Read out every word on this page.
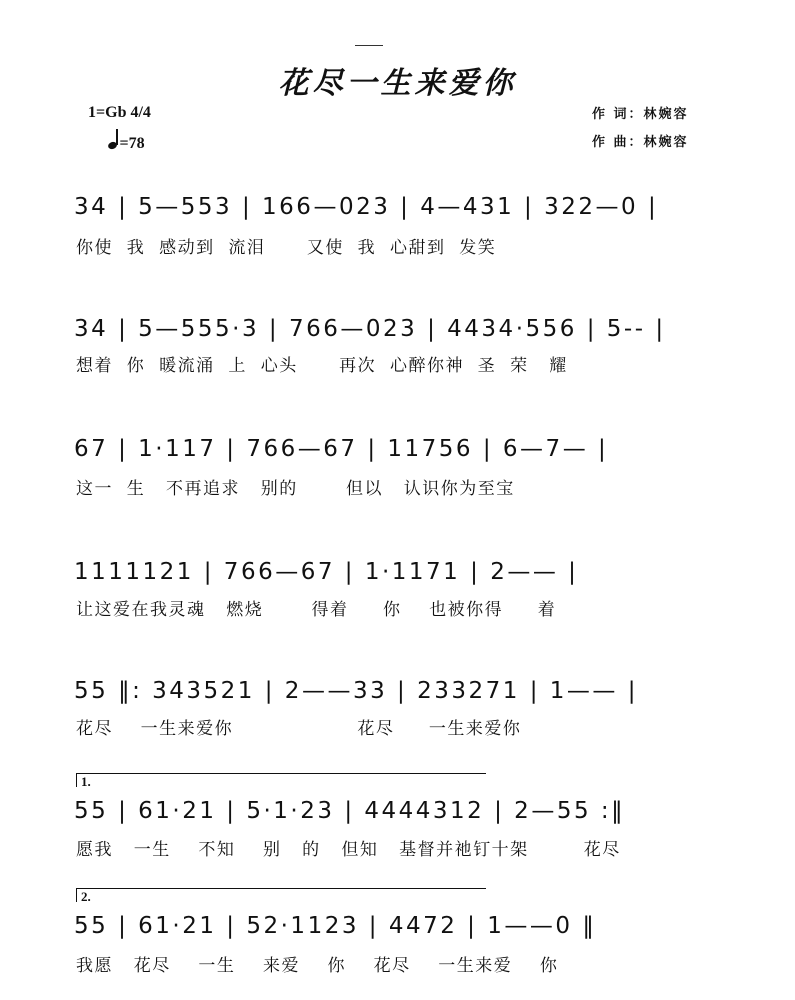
花尽一生来爱你
1=Gb 4/4
=78
作 词：林婉容
作 曲：林婉容
34 | 5—553 | 166—023 | 4—431 | 322—0 |
你使  我  感动到  流泪      又使  我  心甜到  发笑
34 | 5—555·3 | 766—023 | 4434·556 | 5-- |
想着  你  暖流涌  上  心头      再次  心醉你神  圣  荣   耀
67 | 1·117 | 766—67 | 11756 | 6—7— |
这一  生   不再追求   别的       但以   认识你为至宝
1111121 | 766—67 | 1·1171 | 2—— |
让这爱在我灵魂   燃烧       得着     你    也被你得     着
55 ‖: 343521 | 2——33 | 233271 | 1—— |
花尽    一生来爱你                  花尽     一生来爱你
1.
55 | 61·21 | 5·1·23 | 4444312 | 2—55 :‖
愿我   一生    不知    别   的   但知   基督并祂钉十架        花尽
2.
55 | 61·21 | 52·1123 | 4472 | 1——0 ‖
我愿   花尽    一生    来爱    你    花尽    一生来爱    你
